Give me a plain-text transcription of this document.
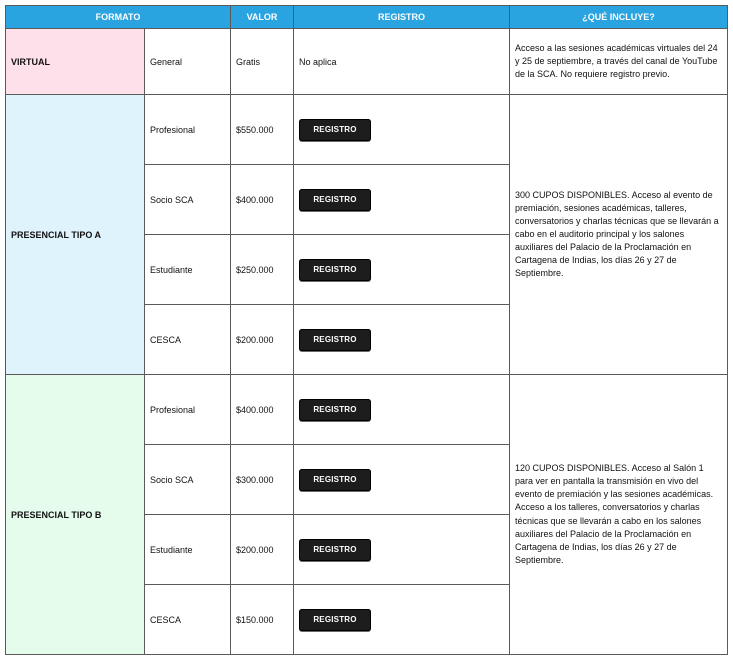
FORMATO		VALOR	REGISTRO	¿QUÉ INCLUYE?
VIRTUAL	General	Gratis	No aplica	Acceso a las sesiones académicas virtuales del 24 y 25 de septiembre, a través del canal de YouTube de la SCA. No requiere registro previo.
PRESENCIAL TIPO A	Profesional	$550.000	REGISTRO	300 CUPOS DISPONIBLES. Acceso al evento de premiación, sesiones académicas, talleres, conversatorios y charlas técnicas que se llevarán a cabo en el auditorio principal y los salones auxiliares del Palacio de la Proclamación en Cartagena de Indias, los días 26 y 27 de Septiembre.
	Socio SCA	$400.000	REGISTRO	
	Estudiante	$250.000	REGISTRO	
	CESCA	$200.000	REGISTRO	
PRESENCIAL TIPO B	Profesional	$400.000	REGISTRO	120 CUPOS DISPONIBLES. Acceso al Salón 1 para ver en pantalla la transmisión en vivo del evento de premiación y las sesiones académicas. Acceso a los talleres, conversatorios y charlas técnicas que se llevarán a cabo en los salones auxiliares del Palacio de la Proclamación en Cartagena de Indias, los días 26 y 27 de Septiembre.
	Socio SCA	$300.000	REGISTRO	
	Estudiante	$200.000	REGISTRO	
	CESCA	$150.000	REGISTRO	
